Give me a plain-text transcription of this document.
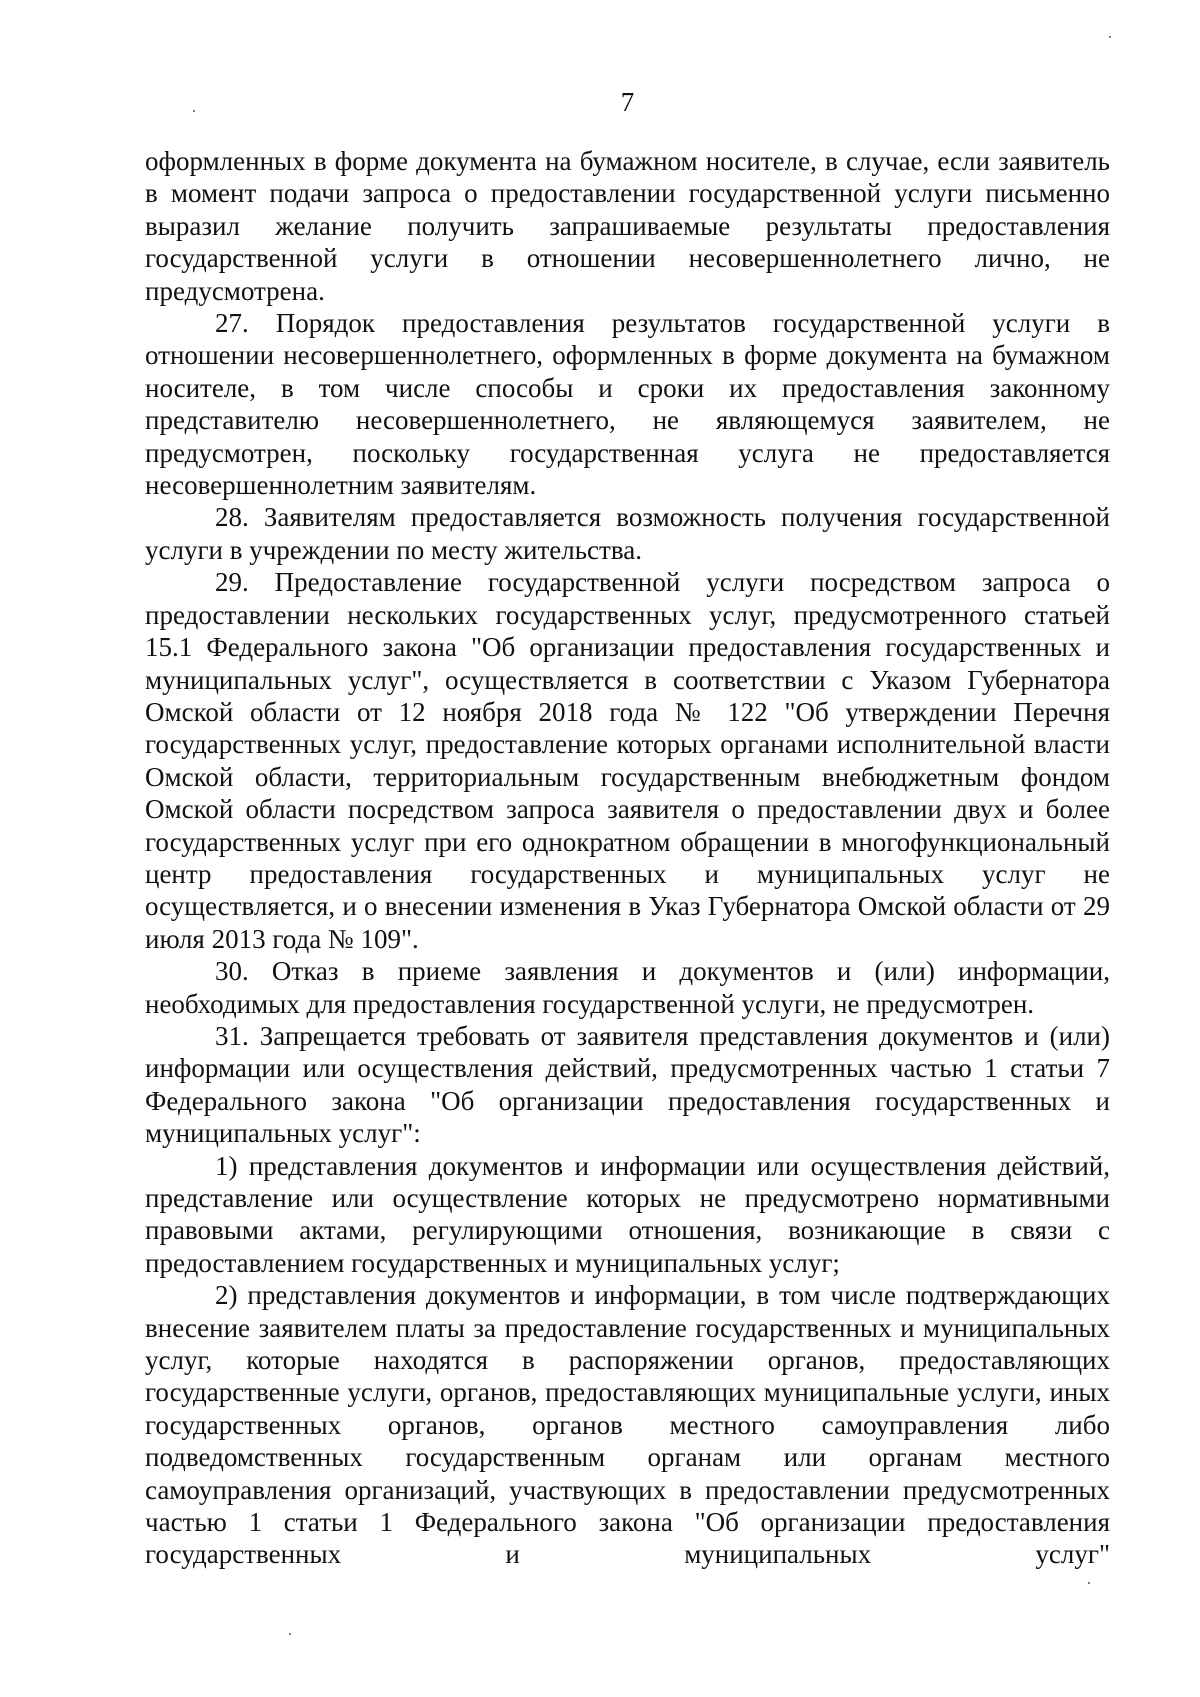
7

оформленных в форме документа на бумажном носителе, в случае, если заявитель в момент подачи запроса о предоставлении государственной услуги письменно выразил желание получить запрашиваемые результаты предоставления государственной услуги в отношении несовершеннолетнего лично, не предусмотрена.

27. Порядок предоставления результатов государственной услуги в отношении несовершеннолетнего, оформленных в форме документа на бумажном носителе, в том числе способы и сроки их предоставления законному представителю несовершеннолетнего, не являющемуся заявителем, не предусмотрен, поскольку государственная услуга не предоставляется несовершеннолетним заявителям.

28. Заявителям предоставляется возможность получения государственной услуги в учреждении по месту жительства.

29. Предоставление государственной услуги посредством запроса о предоставлении нескольких государственных услуг, предусмотренного статьей 15.1 Федерального закона "Об организации предоставления государственных и муниципальных услуг", осуществляется в соответствии с Указом Губернатора Омской области от 12 ноября 2018 года № 122 "Об утверждении Перечня государственных услуг, предоставление которых органами исполнительной власти Омской области, территориальным государственным внебюджетным фондом Омской области посредством запроса заявителя о предоставлении двух и более государственных услуг при его однократном обращении в многофункциональный центр предоставления государственных и муниципальных услуг не осуществляется, и о внесении изменения в Указ Губернатора Омской области от 29 июля 2013 года № 109".

30. Отказ в приеме заявления и документов и (или) информации, необходимых для предоставления государственной услуги, не предусмотрен.

31. Запрещается требовать от заявителя представления документов и (или) информации или осуществления действий, предусмотренных частью 1 статьи 7 Федерального закона "Об организации предоставления государственных и муниципальных услуг":

1) представления документов и информации или осуществления действий, представление или осуществление которых не предусмотрено нормативными правовыми актами, регулирующими отношения, возникающие в связи с предоставлением государственных и муниципальных услуг;

2) представления документов и информации, в том числе подтверждающих внесение заявителем платы за предоставление государственных и муниципальных услуг, которые находятся в распоряжении органов, предоставляющих государственные услуги, органов, предоставляющих муниципальные услуги, иных государственных органов, органов местного самоуправления либо подведомственных государственным органам или органам местного самоуправления организаций, участвующих в предоставлении предусмотренных частью 1 статьи 1 Федерального закона "Об организации предоставления государственных и муниципальных услуг"
